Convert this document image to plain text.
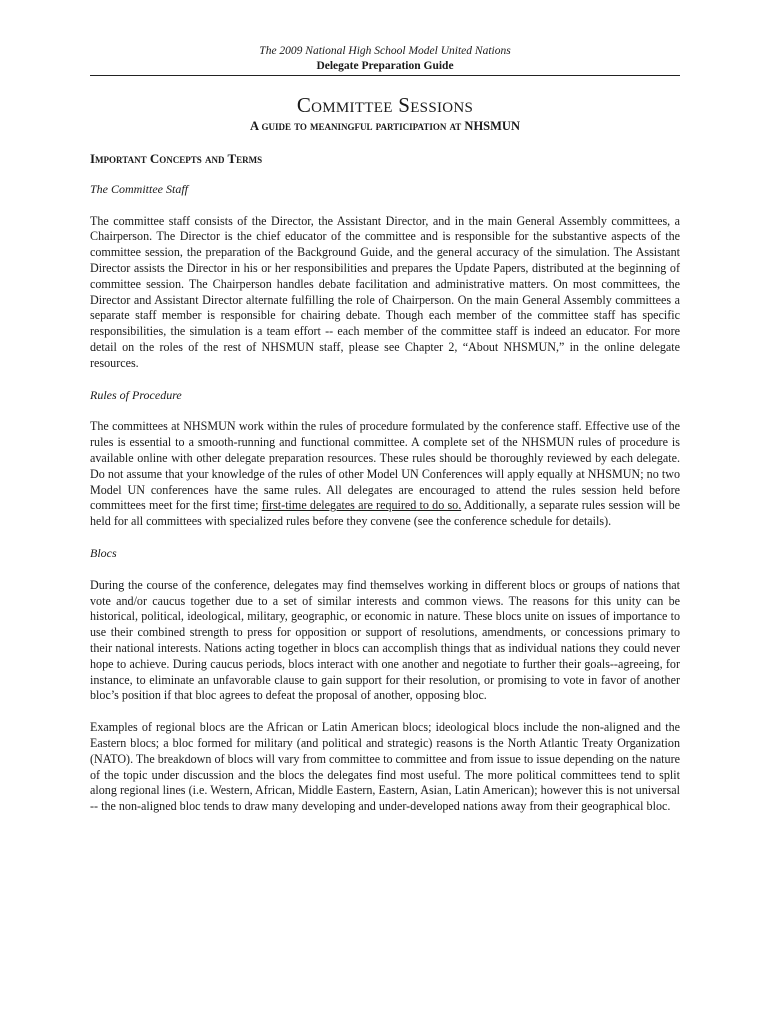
The 2009 National High School Model United Nations
Delegate Preparation Guide
Committee Sessions
A guide to meaningful participation at NHSMUN
Important Concepts and Terms
The Committee Staff

The committee staff consists of the Director, the Assistant Director, and in the main General Assembly committees, a Chairperson. The Director is the chief educator of the committee and is responsible for the substantive aspects of the committee session, the preparation of the Background Guide, and the general accuracy of the simulation. The Assistant Director assists the Director in his or her responsibilities and prepares the Update Papers, distributed at the beginning of committee session. The Chairperson handles debate facilitation and administrative matters. On most committees, the Director and Assistant Director alternate fulfilling the role of Chairperson. On the main General Assembly committees a separate staff member is responsible for chairing debate. Though each member of the committee staff has specific responsibilities, the simulation is a team effort -- each member of the committee staff is indeed an educator. For more detail on the roles of the rest of NHSMUN staff, please see Chapter 2, “About NHSMUN,” in the online delegate resources.

Rules of Procedure

The committees at NHSMUN work within the rules of procedure formulated by the conference staff. Effective use of the rules is essential to a smooth-running and functional committee. A complete set of the NHSMUN rules of procedure is available online with other delegate preparation resources. These rules should be thoroughly reviewed by each delegate. Do not assume that your knowledge of the rules of other Model UN Conferences will apply equally at NHSMUN; no two Model UN conferences have the same rules. All delegates are encouraged to attend the rules session held before committees meet for the first time; first-time delegates are required to do so. Additionally, a separate rules session will be held for all committees with specialized rules before they convene (see the conference schedule for details).

Blocs

During the course of the conference, delegates may find themselves working in different blocs or groups of nations that vote and/or caucus together due to a set of similar interests and common views. The reasons for this unity can be historical, political, ideological, military, geographic, or economic in nature. These blocs unite on issues of importance to use their combined strength to press for opposition or support of resolutions, amendments, or concessions primary to their national interests. Nations acting together in blocs can accomplish things that as individual nations they could never hope to achieve. During caucus periods, blocs interact with one another and negotiate to further their goals--agreeing, for instance, to eliminate an unfavorable clause to gain support for their resolution, or promising to vote in favor of another bloc’s position if that bloc agrees to defeat the proposal of another, opposing bloc.

Examples of regional blocs are the African or Latin American blocs; ideological blocs include the non-aligned and the Eastern blocs; a bloc formed for military (and political and strategic) reasons is the North Atlantic Treaty Organization (NATO). The breakdown of blocs will vary from committee to committee and from issue to issue depending on the nature of the topic under discussion and the blocs the delegates find most useful. The more political committees tend to split along regional lines (i.e. Western, African, Middle Eastern, Eastern, Asian, Latin American); however this is not universal -- the non-aligned bloc tends to draw many developing and under-developed nations away from their geographical bloc.
